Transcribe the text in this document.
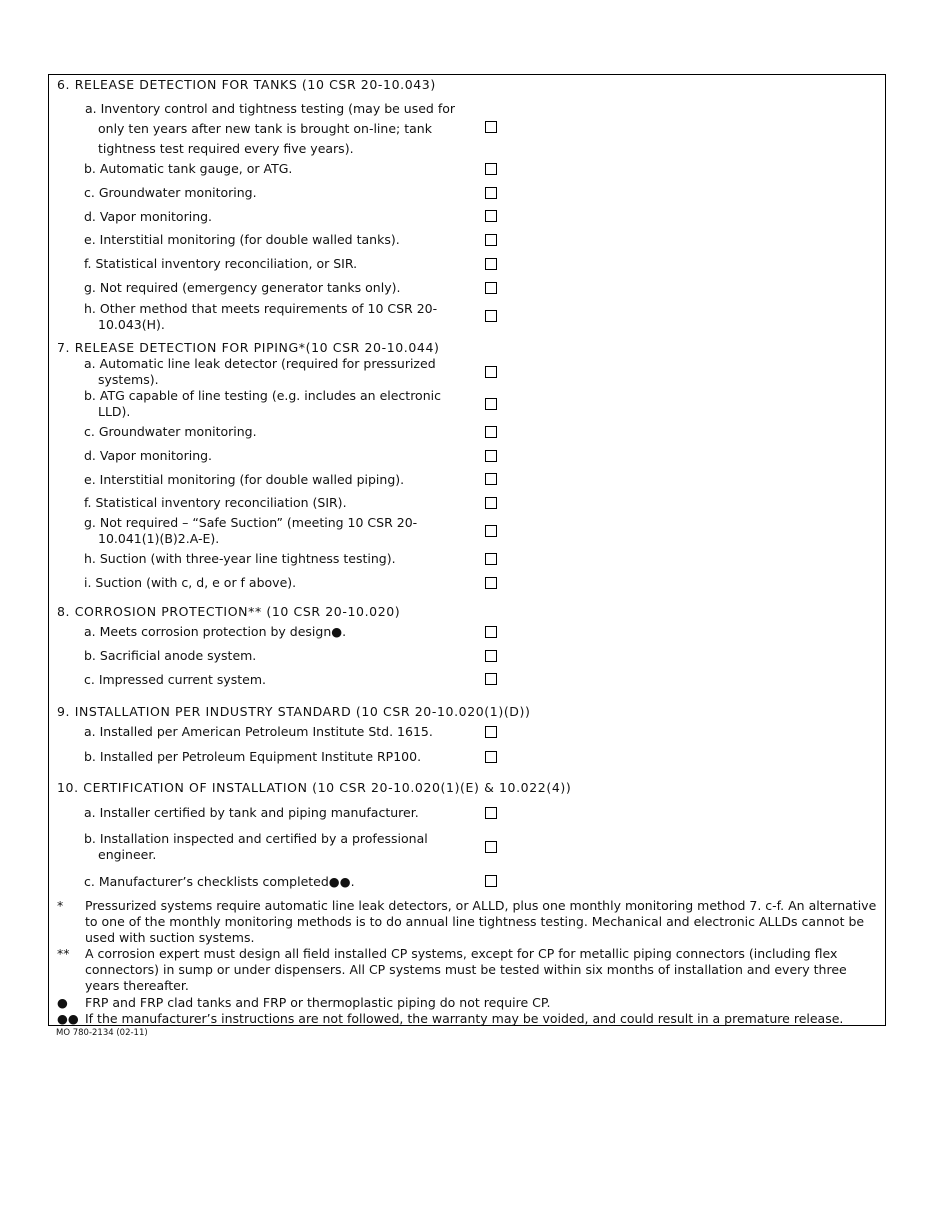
6. RELEASE DETECTION FOR TANKS (10 CSR 20-10.043)
a. Inventory control and tightness testing (may be used for
only ten years after new tank is brought on-line; tank
tightness test required every five years).
b. Automatic tank gauge, or ATG.
c. Groundwater monitoring.
d. Vapor monitoring.
e. Interstitial monitoring (for double walled tanks).
f. Statistical inventory reconciliation, or SIR.
g. Not required (emergency generator tanks only).
h. Other method that meets requirements of 10 CSR 20-
10.043(H).
7. RELEASE DETECTION FOR PIPING*(10 CSR 20-10.044)
a. Automatic line leak detector (required for pressurized
systems).
b. ATG capable of line testing (e.g. includes an electronic
LLD).
c. Groundwater monitoring.
d. Vapor monitoring.
e. Interstitial monitoring (for double walled piping).
f. Statistical inventory reconciliation (SIR).
g. Not required – “Safe Suction” (meeting 10 CSR 20-
10.041(1)(B)2.A-E).
h. Suction (with three-year line tightness testing).
i. Suction (with c, d, e or f above).
8. CORROSION PROTECTION** (10 CSR 20-10.020)
a. Meets corrosion protection by design●.
b. Sacrificial anode system.
c. Impressed current system.
9. INSTALLATION PER INDUSTRY STANDARD (10 CSR 20-10.020(1)(D))
a. Installed per American Petroleum Institute Std. 1615.
b. Installed per Petroleum Equipment Institute RP100.
10. CERTIFICATION OF INSTALLATION (10 CSR 20-10.020(1)(E) & 10.022(4))
a. Installer certified by tank and piping manufacturer.
b. Installation inspected and certified by a professional
engineer.
c. Manufacturer’s checklists completed●●.
* Pressurized systems require automatic line leak detectors, or ALLD, plus one monthly monitoring method 7. c-f. An alternative to one of the monthly monitoring methods is to do annual line tightness testing. Mechanical and electronic ALLDs cannot be used with suction systems.
** A corrosion expert must design all field installed CP systems, except for CP for metallic piping connectors (including flex connectors) in sump or under dispensers. All CP systems must be tested within six months of installation and every three years thereafter.
● FRP and FRP clad tanks and FRP or thermoplastic piping do not require CP.
●● If the manufacturer’s instructions are not followed, the warranty may be voided, and could result in a premature release.
MO 780-2134 (02-11)
